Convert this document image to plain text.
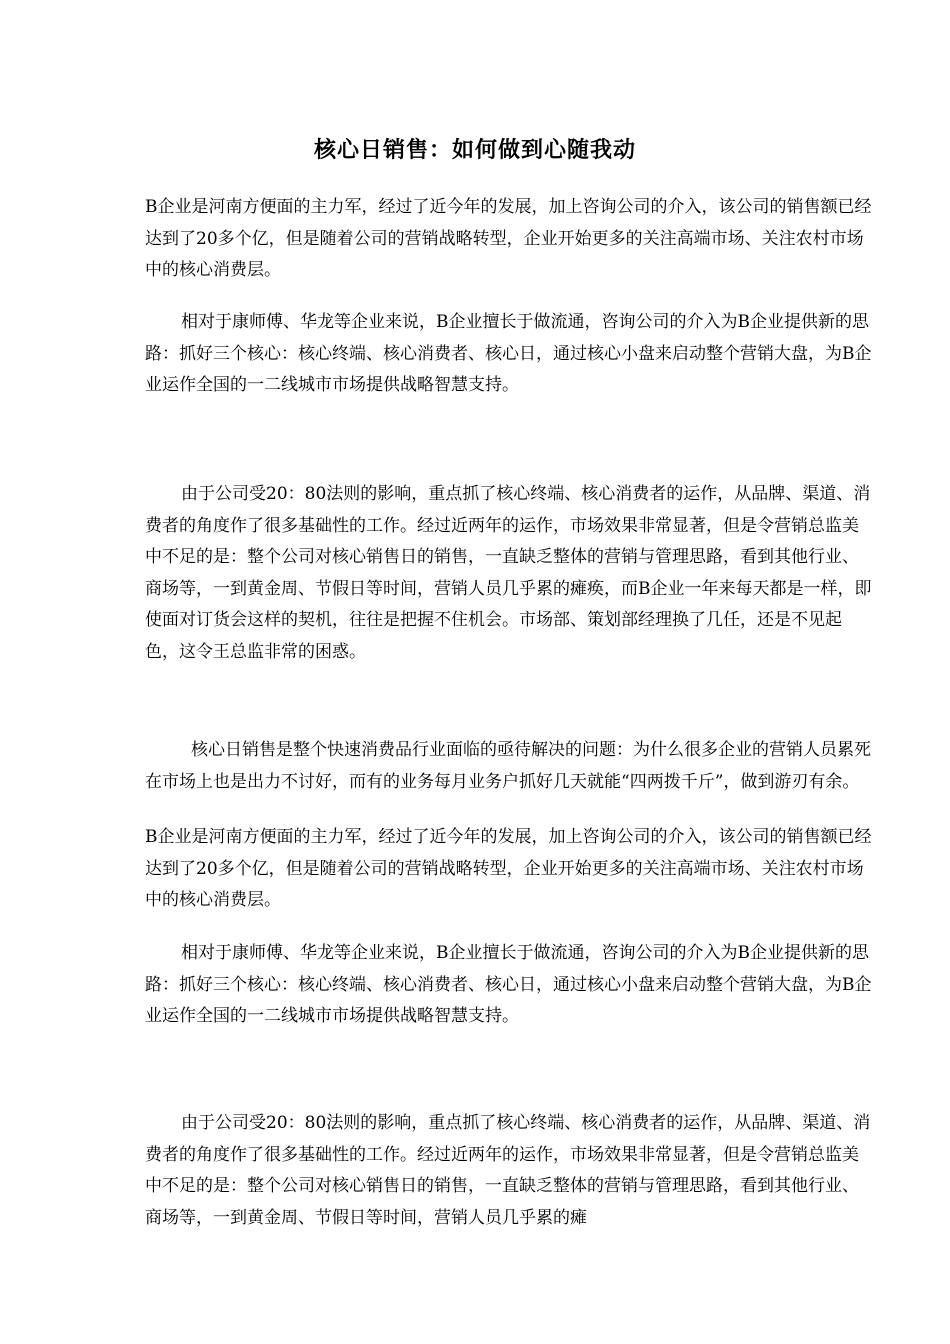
核心日销售：如何做到心随我动

B企业是河南方便面的主力军，经过了近今年的发展，加上咨询公司的介入，该公司的销售额已经达到了20多个亿，但是随着公司的营销战略转型，企业开始更多的关注高端市场、关注农村市场中的核心消费层。

相对于康师傅、华龙等企业来说，B企业擅长于做流通，咨询公司的介入为B企业提供新的思路：抓好三个核心：核心终端、核心消费者、核心日，通过核心小盘来启动整个营销大盘，为B企业运作全国的一二线城市市场提供战略智慧支持。

由于公司受20：80法则的影响，重点抓了核心终端、核心消费者的运作，从品牌、渠道、消费者的角度作了很多基础性的工作。经过近两年的运作，市场效果非常显著，但是令营销总监美中不足的是：整个公司对核心销售日的销售，一直缺乏整体的营销与管理思路，看到其他行业、商场等，一到黄金周、节假日等时间，营销人员几乎累的瘫痪，而B企业一年来每天都是一样，即使面对订货会这样的契机，往往是把握不住机会。市场部、策划部经理换了几任，还是不见起色，这令王总监非常的困惑。

核心日销售是整个快速消费品行业面临的亟待解决的问题：为什么很多企业的营销人员累死在市场上也是出力不讨好，而有的业务每月业务户抓好几天就能“四两拨千斤”，做到游刃有余。

B企业是河南方便面的主力军，经过了近今年的发展，加上咨询公司的介入，该公司的销售额已经达到了20多个亿，但是随着公司的营销战略转型，企业开始更多的关注高端市场、关注农村市场中的核心消费层。

相对于康师傅、华龙等企业来说，B企业擅长于做流通，咨询公司的介入为B企业提供新的思路：抓好三个核心：核心终端、核心消费者、核心日，通过核心小盘来启动整个营销大盘，为B企业运作全国的一二线城市市场提供战略智慧支持。

由于公司受20：80法则的影响，重点抓了核心终端、核心消费者的运作，从品牌、渠道、消费者的角度作了很多基础性的工作。经过近两年的运作，市场效果非常显著，但是令营销总监美中不足的是：整个公司对核心销售日的销售，一直缺乏整体的营销与管理思路，看到其他行业、商场等，一到黄金周、节假日等时间，营销人员几乎累的瘫
